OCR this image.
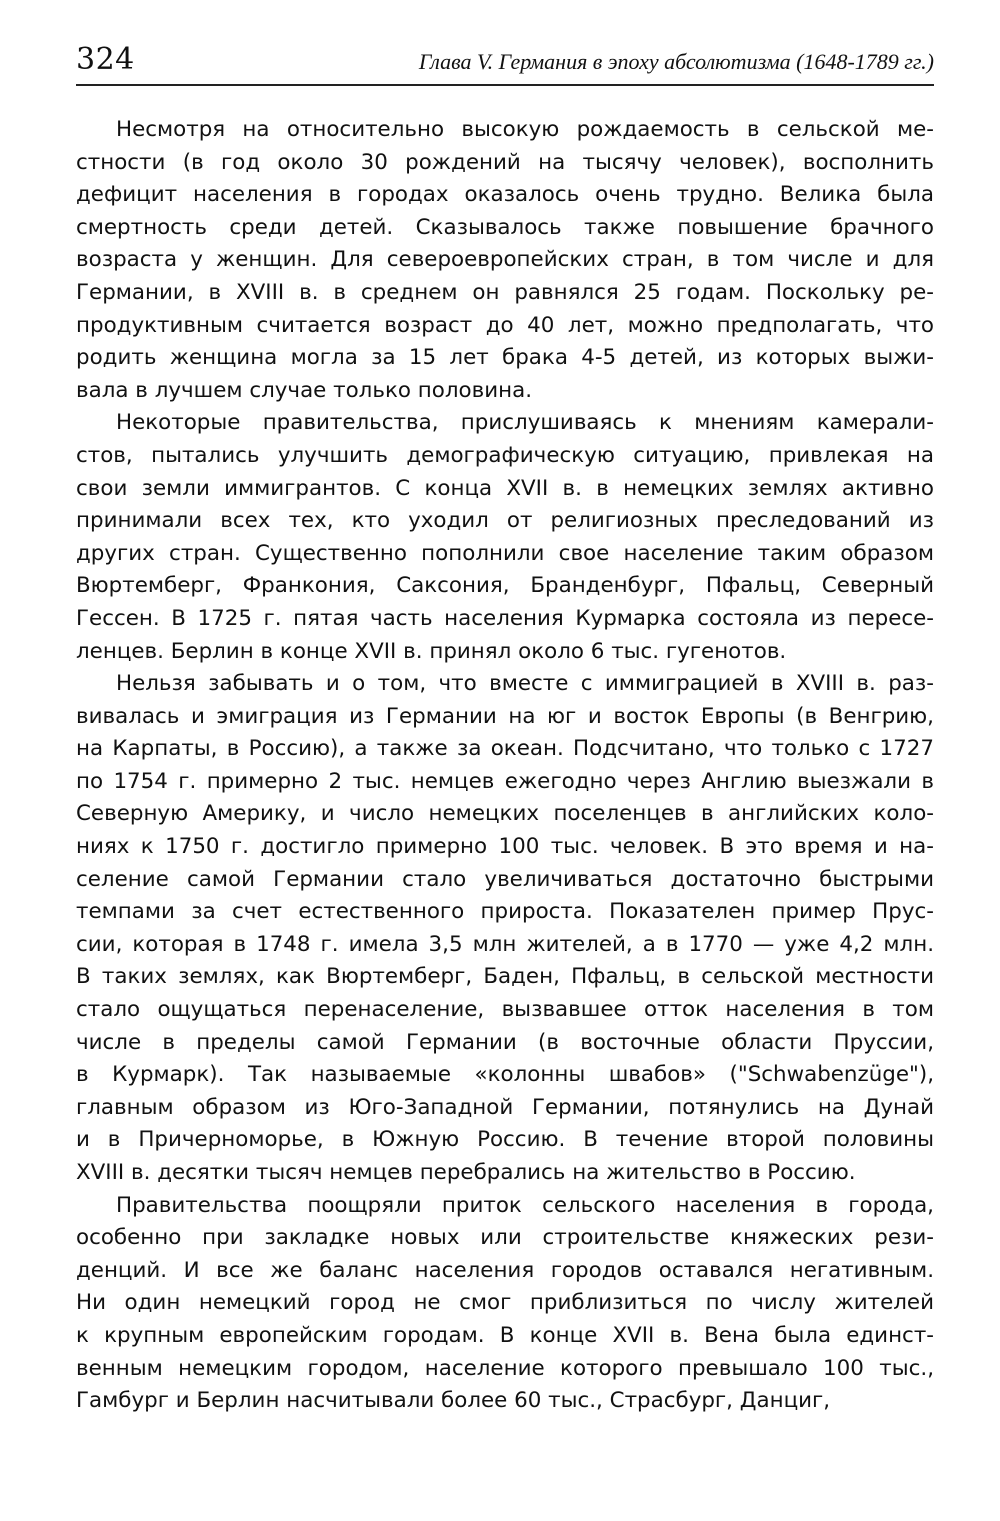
324	Глава V. Германия в эпоху абсолютизма (1648-1789 гг.)
Несмотря на относительно высокую рождаемость в сельской ме-
стности (в год около 30 рождений на тысячу человек), восполнить
дефицит населения в городах оказалось очень трудно. Велика была
смертность среди детей. Сказывалось также повышение брачного
возраста у женщин. Для североевропейских стран, в том числе и для
Германии, в XVIII в. в среднем он равнялся 25 годам. Поскольку ре-
продуктивным считается возраст до 40 лет, можно предполагать, что
родить женщина могла за 15 лет брака 4-5 детей, из которых выжи-
вала в лучшем случае только половина.
Некоторые правительства, прислушиваясь к мнениям камерали-
стов, пытались улучшить демографическую ситуацию, привлекая на
свои земли иммигрантов. С конца XVII в. в немецких землях активно
принимали всех тех, кто уходил от религиозных преследований из
других стран. Существенно пополнили свое население таким образом
Вюртемберг, Франкония, Саксония, Бранденбург, Пфальц, Северный
Гессен. В 1725 г. пятая часть населения Курмарка состояла из пересе-
ленцев. Берлин в конце XVII в. принял около 6 тыс. гугенотов.
Нельзя забывать и о том, что вместе с иммиграцией в XVIII в. раз-
вивалась и эмиграция из Германии на юг и восток Европы (в Венгрию,
на Карпаты, в Россию), а также за океан. Подсчитано, что только с 1727
по 1754 г. примерно 2 тыс. немцев ежегодно через Англию выезжали в
Северную Америку, и число немецких поселенцев в английских коло-
ниях к 1750 г. достигло примерно 100 тыс. человек. В это время и на-
селение самой Германии стало увеличиваться достаточно быстрыми
темпами за счет естественного прироста. Показателен пример Прус-
сии, которая в 1748 г. имела 3,5 млн жителей, а в 1770 — уже 4,2 млн.
В таких землях, как Вюртемберг, Баден, Пфальц, в сельской местности
стало ощущаться перенаселение, вызвавшее отток населения в том
числе в пределы самой Германии (в восточные области Пруссии,
в Курмарк). Так называемые «колонны швабов» ("Schwabenzüge"),
главным образом из Юго-Западной Германии, потянулись на Дунай
и в Причерноморье, в Южную Россию. В течение второй половины
XVIII в. десятки тысяч немцев перебрались на жительство в Россию.
Правительства поощряли приток сельского населения в города,
особенно при закладке новых или строительстве княжеских рези-
денций. И все же баланс населения городов оставался негативным.
Ни один немецкий город не смог приблизиться по числу жителей
к крупным европейским городам. В конце XVII в. Вена была единст-
венным немецким городом, население которого превышало 100 тыс.,
Гамбург и Берлин насчитывали более 60 тыс., Страсбург, Данциг,
